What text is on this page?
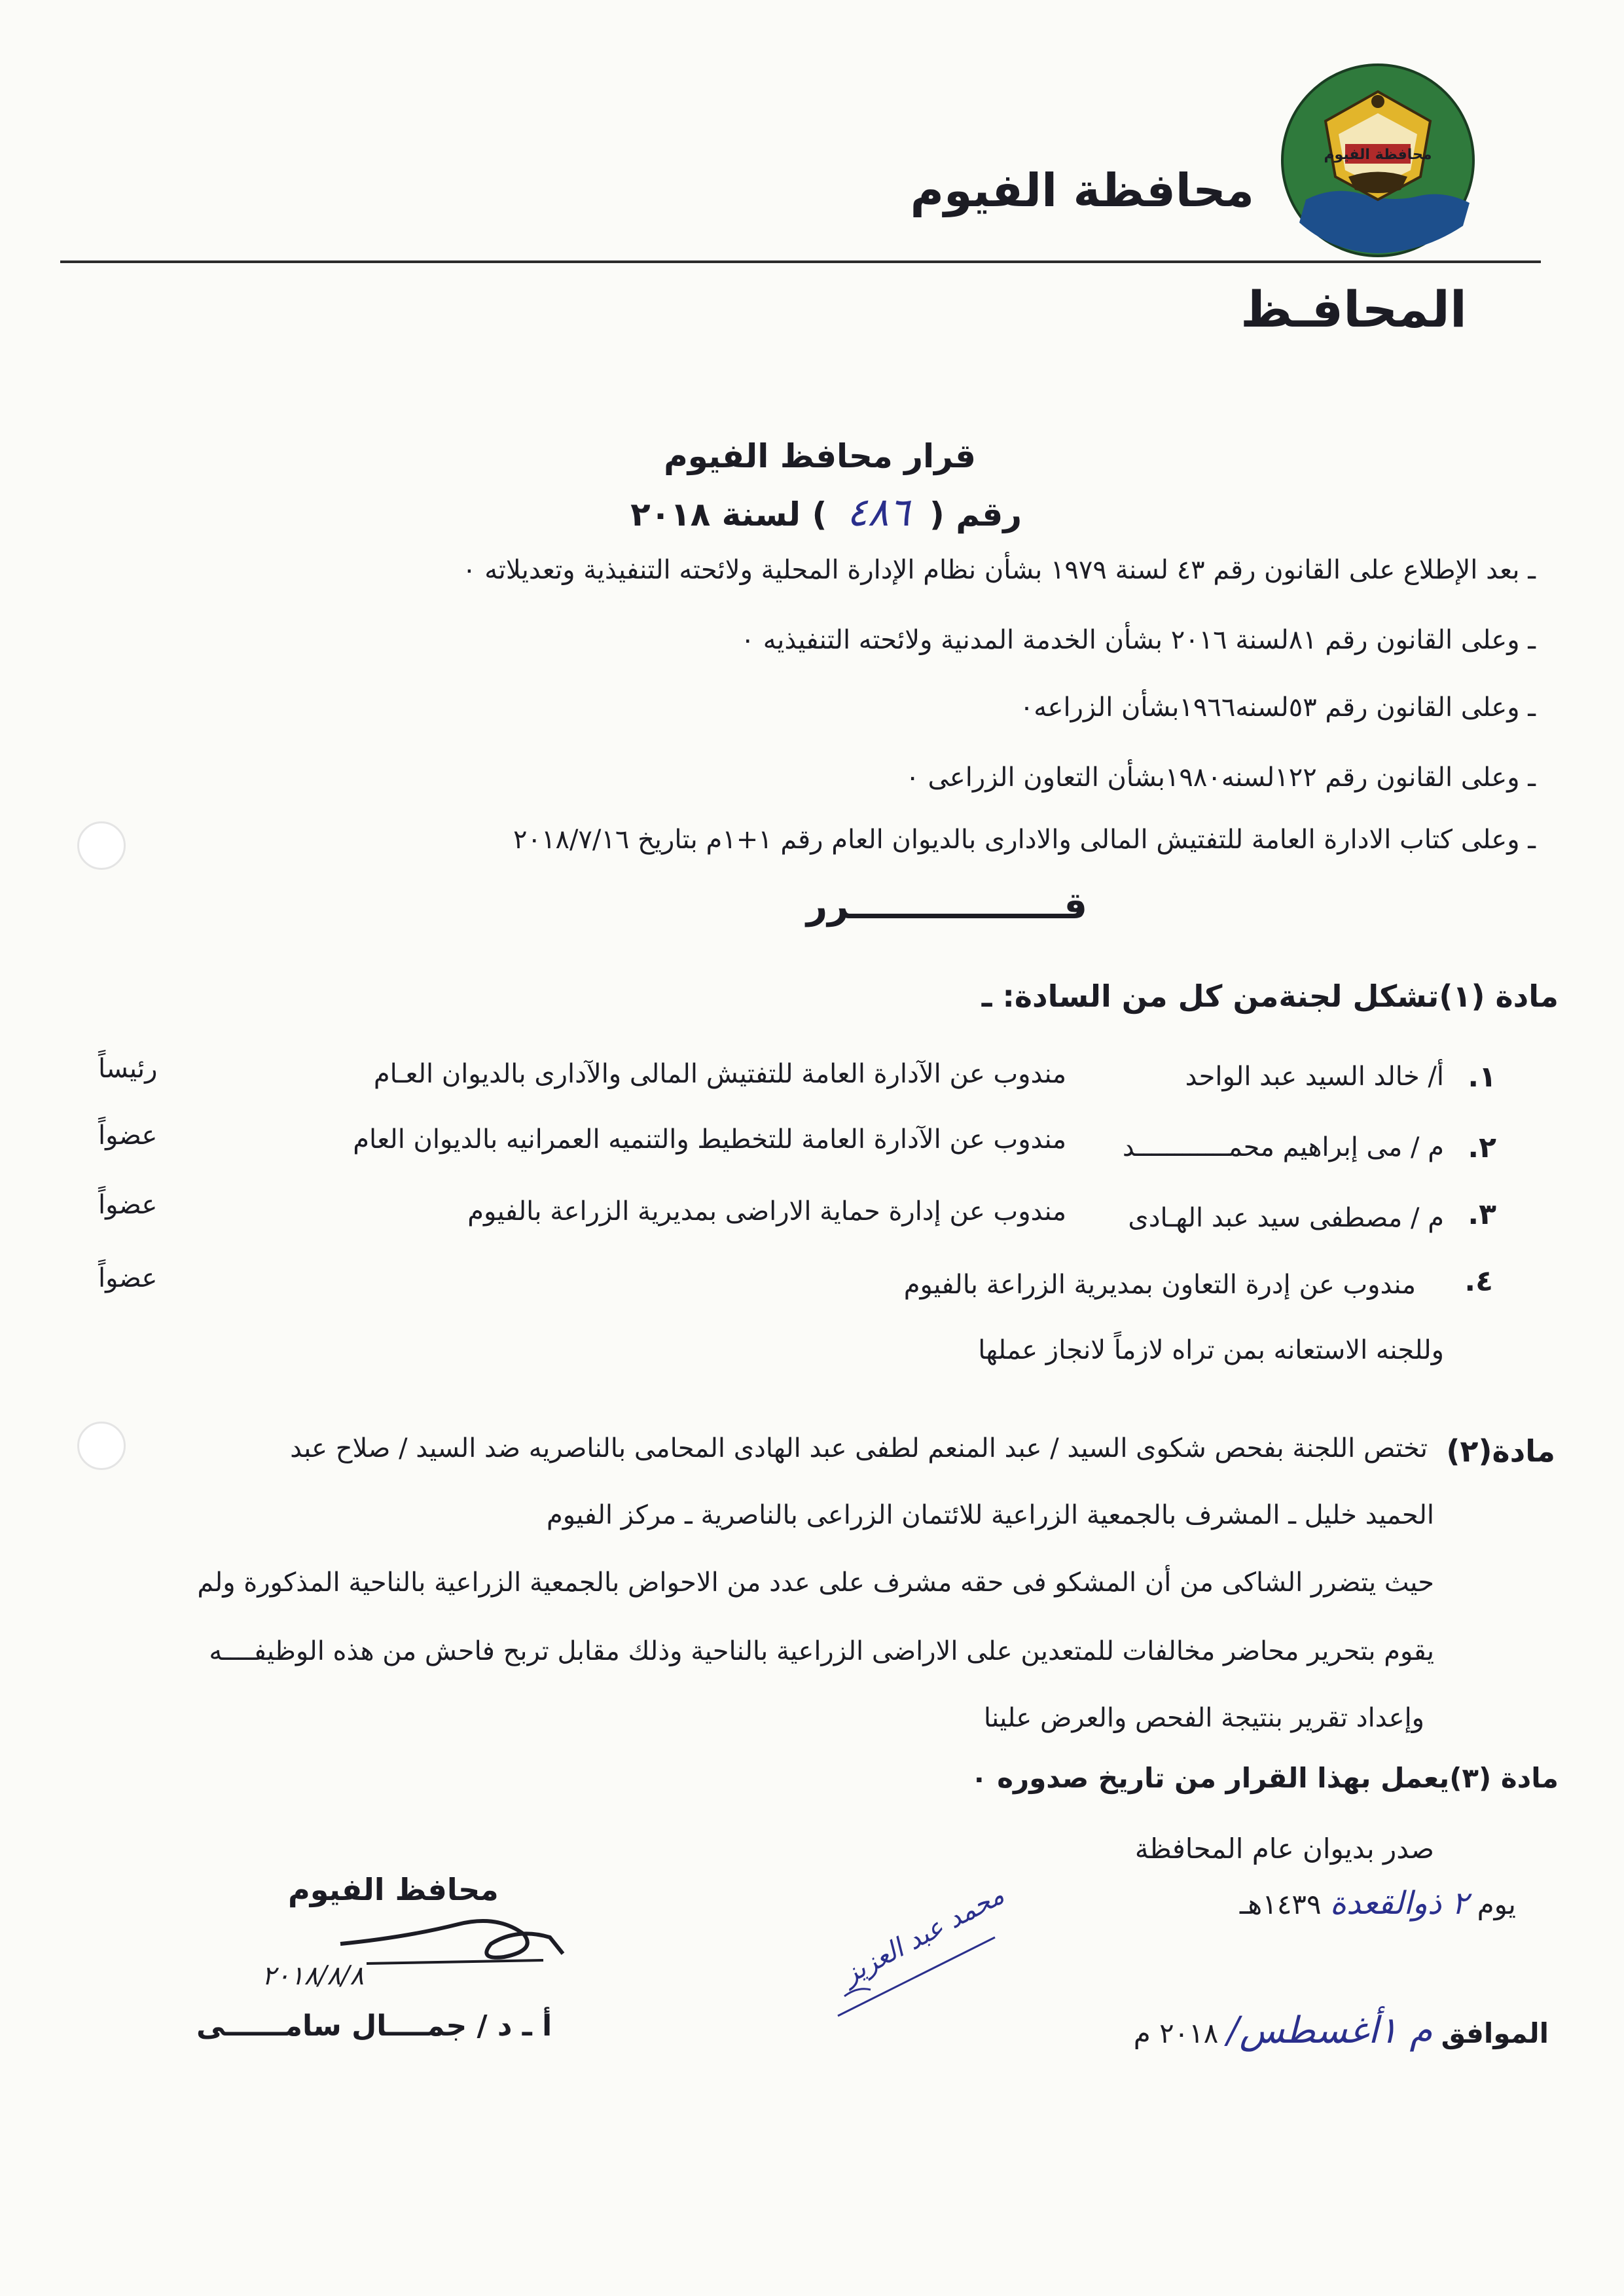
محافظة الفيوم
محافظة الفيوم
المحافـظ
قرار محافظ الفيوم
رقم (٤٨٦) لسنة ٢٠١٨
ـ بعد الإطلاع على القانون رقم ٤٣ لسنة ١٩٧٩ بشأن نظام الإدارة المحلية ولائحته التنفيذية وتعديلاته ٠
ـ وعلى القانون رقم ٨١لسنة ٢٠١٦ بشأن الخدمة المدنية ولائحته التنفيذيه ٠
ـ وعلى القانون رقم ٥٣لسنه١٩٦٦بشأن الزراعه٠
ـ وعلى القانون رقم ١٢٢لسنه١٩٨٠بشأن التعاون الزراعى ٠
ـ وعلى كتاب الادارة العامة للتفتيش المالى والادارى بالديوان العام رقم ١+١م بتاريخ ٢٠١٨/٧/١٦
قـــــــــــــــــرر
مادة (١)تشكل لجنةمن كل من السادة: ـ
١.
أ/ خالد السيد عبد الواحد
مندوب عن الآدارة العامة للتفتيش المالى والآدارى بالديوان العـام
رئيساً
٢.
م / مى إبراهيم محمــــــــــــد
مندوب عن الآدارة العامة للتخطيط والتنميه العمرانيه بالديوان العام
عضواً
٣.
م / مصطفى سيد عبد الهـادى
مندوب عن إدارة حماية الاراضى بمديرية الزراعة بالفيوم
عضواً
٤.
مندوب عن إدرة التعاون بمديرية الزراعة بالفيوم
عضواً
وللجنه الاستعانه بمن تراه لازماً لانجاز عملها
مادة(٢)
تختص اللجنة بفحص شكوى السيد / عبد المنعم لطفى عبد الهادى المحامى بالناصريه ضد السيد / صلاح عبد
الحميد خليل ـ المشرف بالجمعية الزراعية للائتمان الزراعى بالناصرية ـ مركز الفيوم
حيث يتضرر الشاكى من أن المشكو فى حقه مشرف على عدد من الاحواض بالجمعية الزراعية بالناحية المذكورة ولم
يقوم بتحرير محاضر مخالفات للمتعدين على الاراضى الزراعية بالناحية وذلك مقابل تربح فاحش من هذه الوظيفــــه
وإعداد تقرير بنتيجة الفحص والعرض علينا
مادة (٣)يعمل بهذا القرار من تاريخ صدوره ٠
صدر بديوان عام المحافظة
يوم ٢ ذوالقعدة ١٤٣٩هـ
الموافق م ١أغسطس/ ٢٠١٨ م
محافظ الفيوم
٢٠١٨/٨/٨
أ ـ د / جمــــال سامــــــى
محمد عبد العزيز
